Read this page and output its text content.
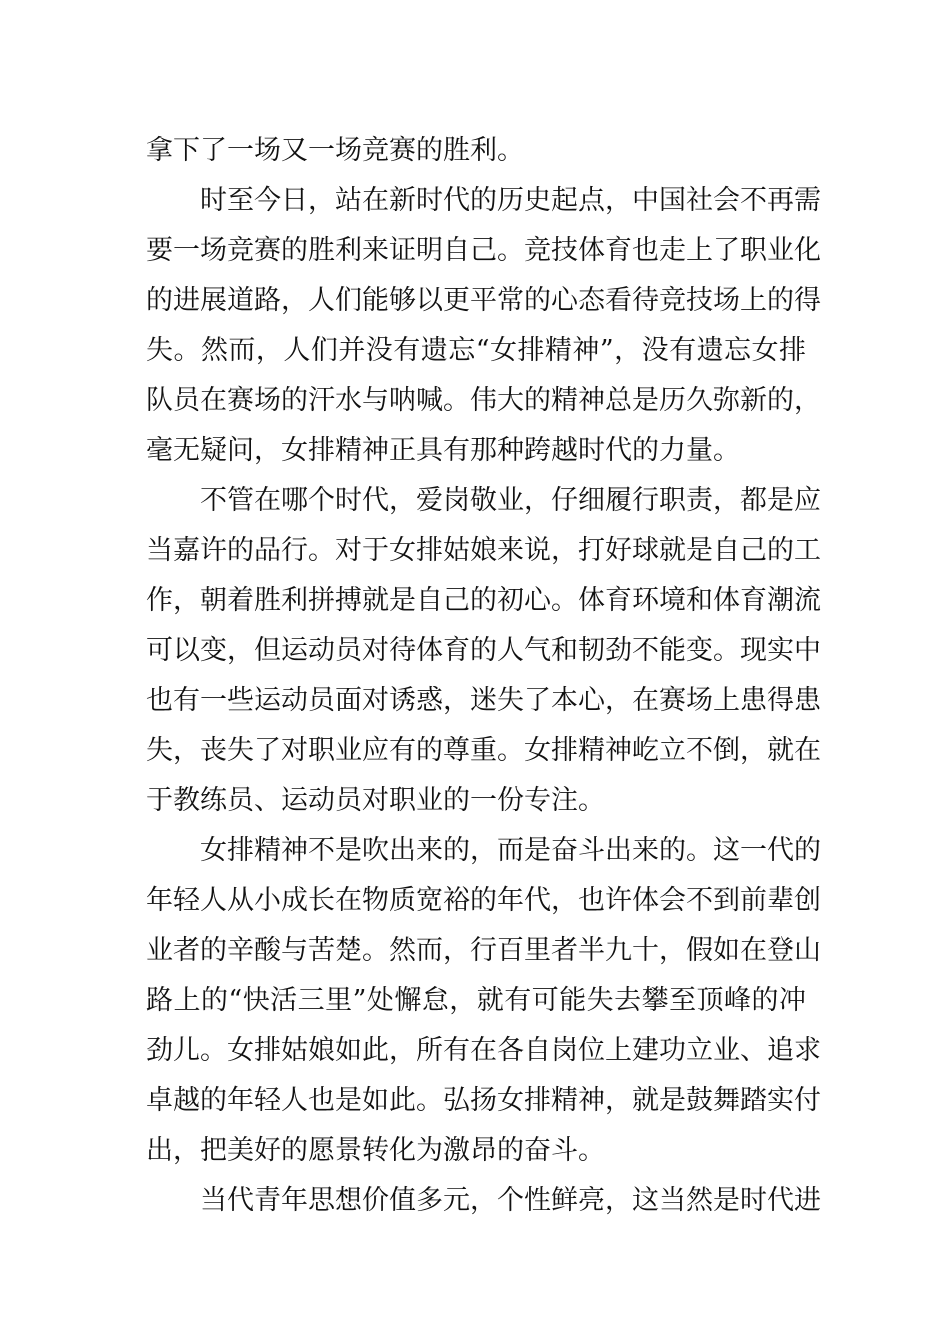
拿下了一场又一场竞赛的胜利。
时至今日，站在新时代的历史起点，中国社会不再需
要一场竞赛的胜利来证明自己。竞技体育也走上了职业化
的进展道路，人们能够以更平常的心态看待竞技场上的得
失。然而，人们并没有遗忘“女排精神”，没有遗忘女排
队员在赛场的汗水与呐喊。伟大的精神总是历久弥新的，
毫无疑问，女排精神正具有那种跨越时代的力量。
不管在哪个时代，爱岗敬业，仔细履行职责，都是应
当嘉许的品行。对于女排姑娘来说，打好球就是自己的工
作，朝着胜利拼搏就是自己的初心。体育环境和体育潮流
可以变，但运动员对待体育的人气和韧劲不能变。现实中
也有一些运动员面对诱惑，迷失了本心，在赛场上患得患
失，丧失了对职业应有的尊重。女排精神屹立不倒，就在
于教练员、运动员对职业的一份专注。
女排精神不是吹出来的，而是奋斗出来的。这一代的
年轻人从小成长在物质宽裕的年代，也许体会不到前辈创
业者的辛酸与苦楚。然而，行百里者半九十，假如在登山
路上的“快活三里”处懈怠，就有可能失去攀至顶峰的冲
劲儿。女排姑娘如此，所有在各自岗位上建功立业、追求
卓越的年轻人也是如此。弘扬女排精神，就是鼓舞踏实付
出，把美好的愿景转化为激昂的奋斗。
当代青年思想价值多元，个性鲜亮，这当然是时代进
